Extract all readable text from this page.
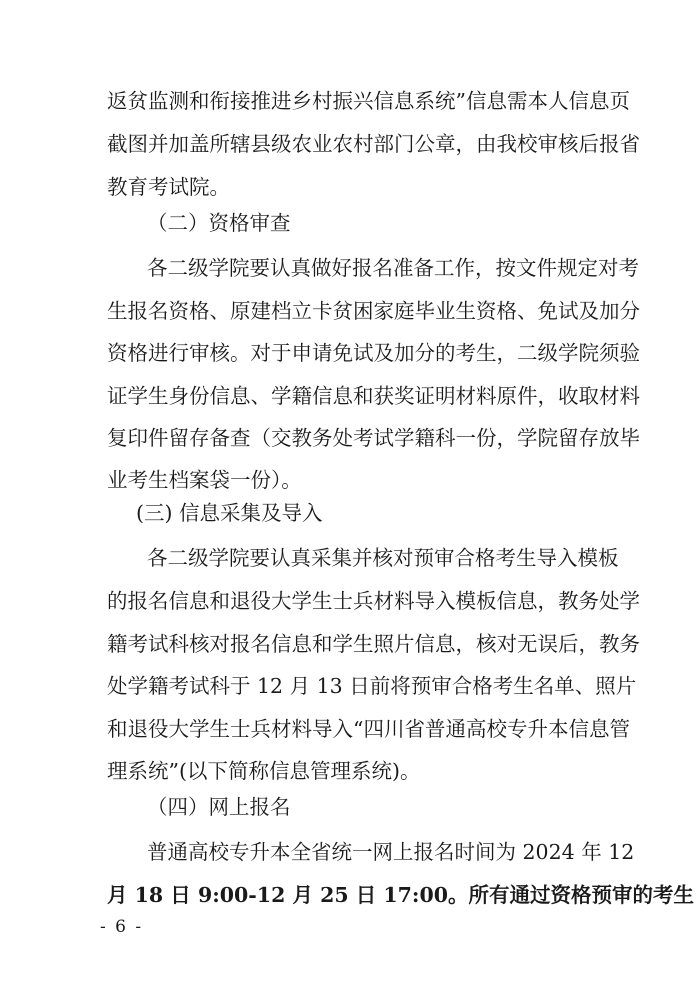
返贫监测和衔接推进乡村振兴信息系统”信息需本人信息页
截图并加盖所辖县级农业农村部门公章，由我校审核后报省
教育考试院。
（二）资格审查
各二级学院要认真做好报名准备工作，按文件规定对考
生报名资格、原建档立卡贫困家庭毕业生资格、免试及加分
资格进行审核。对于申请免试及加分的考生，二级学院须验
证学生身份信息、学籍信息和获奖证明材料原件，收取材料
复印件留存备查（交教务处考试学籍科一份，学院留存放毕
业考生档案袋一份）。
(三) 信息采集及导入
各二级学院要认真采集并核对预审合格考生导入模板
的报名信息和退役大学生士兵材料导入模板信息，教务处学
籍考试科核对报名信息和学生照片信息，核对无误后，教务
处学籍考试科于 12 月 13 日前将预审合格考生名单、照片
和退役大学生士兵材料导入“四川省普通高校专升本信息管
理系统”(以下简称信息管理系统)。
（四）网上报名
普通高校专升本全省统一网上报名时间为 2024 年 12
月 18 日 9:00-12 月 25 日 17:00。所有通过资格预审的考生
- 6 -
